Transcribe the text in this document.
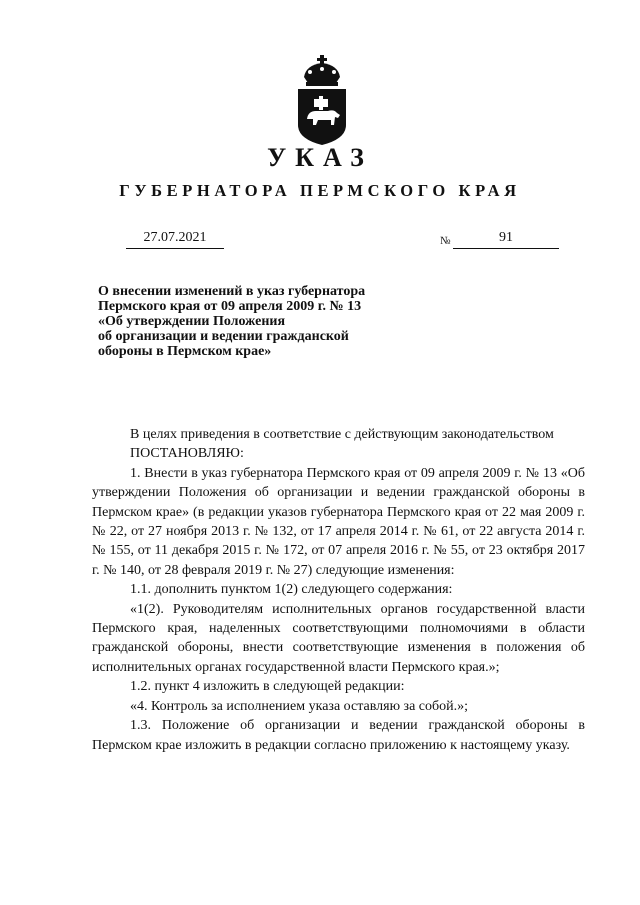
УКАЗ
ГУБЕРНАТОРА ПЕРМСКОГО КРАЯ
27.07.2021	№	91
О внесении изменений в указ губернатора
Пермского края от 09 апреля 2009 г. № 13
«Об утверждении Положения
об организации и ведении гражданской
обороны в Пермском крае»

В целях приведения в соответствие с действующим законодательством

ПОСТАНОВЛЯЮ:

1. Внести в указ губернатора Пермского края от 09 апреля 2009 г. № 13 «Об утверждении Положения об организации и ведении гражданской обороны в Пермском крае» (в редакции указов губернатора Пермского края от 22 мая 2009 г. № 22, от 27 ноября 2013 г. № 132, от 17 апреля 2014 г. № 61, от 22 августа 2014 г. № 155, от 11 декабря 2015 г. № 172, от 07 апреля 2016 г. № 55, от 23 октября 2017 г. № 140, от 28 февраля 2019 г. № 27) следующие изменения:

1.1. дополнить пунктом 1(2) следующего содержания:

«1(2). Руководителям исполнительных органов государственной власти Пермского края, наделенных соответствующими полномочиями в области гражданской обороны, внести соответствующие изменения в положения об исполнительных органах государственной власти Пермского края.»;

1.2. пункт 4 изложить в следующей редакции:

«4. Контроль за исполнением указа оставляю за собой.»;

1.3. Положение об организации и ведении гражданской обороны в Пермском крае изложить в редакции согласно приложению к настоящему указу.
